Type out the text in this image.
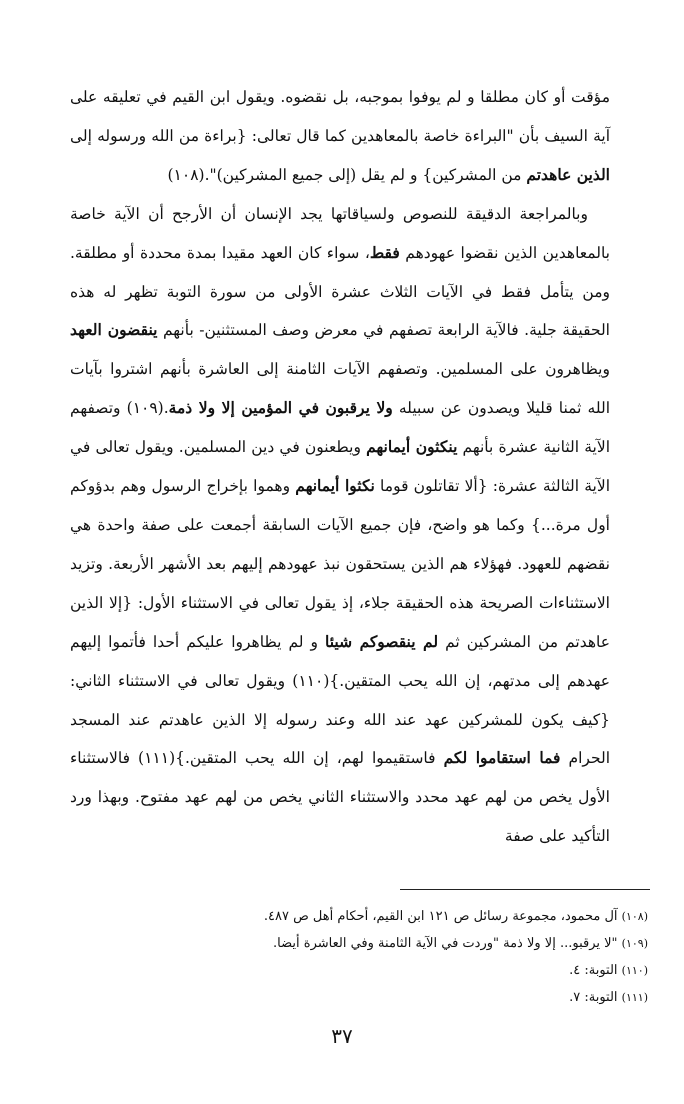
مؤقت أو كان مطلقا و لم يوفوا بموجبه، بل نقضوه. ويقول ابن القيم في تعليقه على آية السيف بأن "البراءة خاصة بالمعاهدين كما قال تعالى: {براءة من الله ورسوله إلى الذين عاهدتم من المشركين} و لم يقل (إلى جميع المشركين)".(١٠٨)

وبالمراجعة الدقيقة للنصوص ولسياقاتها يجد الإنسان أن الأرجح أن الآية خاصة بالمعاهدين الذين نقضوا عهودهم فقط، سواء كان العهد مقيدا بمدة محددة أو مطلقة. ومن يتأمل فقط في الآيات الثلاث عشرة الأولى من سورة التوبة تظهر له هذه الحقيقة جلية. فالآية الرابعة تصفهم في معرض وصف المستثنين- بأنهم ينقضون العهد ويظاهرون على المسلمين. وتصفهم الآيات الثامنة إلى العاشرة بأنهم اشتروا بآيات الله ثمنا قليلا ويصدون عن سبيله ولا يرقبون في المؤمين إلا ولا ذمة.(١٠٩) وتصفهم الآية الثانية عشرة بأنهم ينكثون أيمانهم ويطعنون في دين المسلمين. ويقول تعالى في الآية الثالثة عشرة: {ألا تقاتلون قوما نكثوا أيمانهم وهموا بإخراج الرسول وهم بدؤوكم أول مرة...} وكما هو واضح، فإن جميع الآيات السابقة أجمعت على صفة واحدة هي نقضهم للعهود. فهؤلاء هم الذين يستحقون نبذ عهودهم إليهم بعد الأشهر الأربعة. وتزيد الاستثناءات الصريحة هذه الحقيقة جلاء، إذ يقول تعالى في الاستثناء الأول: {إلا الذين عاهدتم من المشركين ثم لم ينقصوكم شيئا و لم يظاهروا عليكم أحدا فأتموا إليهم عهدهم إلى مدتهم، إن الله يحب المتقين.}(١١٠) ويقول تعالى في الاستثناء الثاني: {كيف يكون للمشركين عهد عند الله وعند رسوله إلا الذين عاهدتم عند المسجد الحرام فما استقاموا لكم فاستقيموا لهم، إن الله يحب المتقين.}(١١١) فالاستثناء الأول يخص من لهم عهد محدد والاستثناء الثاني يخص من لهم عهد مفتوح. وبهذا ورد التأكيد على صفة

(١٠٨) آل محمود، مجموعة رسائل ص ١٢١ ابن القيم، أحكام أهل ص ٤٨٧.
(١٠٩) "لا يرقبو... إلا ولا ذمة "وردت في الآية الثامنة وفي العاشرة أيضا.
(١١٠) التوبة: ٤.
(١١١) التوبة: ٧.
٣٧
